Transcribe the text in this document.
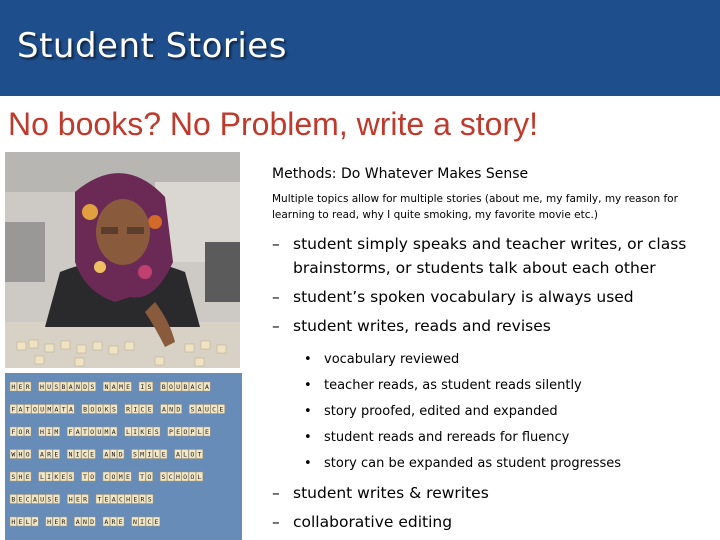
Student Stories
No books? No Problem, write a story!
H E R H U S B A N D S N A M E I S B O U B A C A
F A T O U M A T A B O O K S R I C E A N D S A U C E
F O R H I M F A T O U M A L I K E S P E O P L E
W H O A R E N I C E A N D S M I L E A L O T
S H E L I K E S T O C O M E T O S C H O O L
B E C A U S E H E R T E A C H E R S
H E L P H E R A N D A R E N I C E
Methods: Do Whatever Makes Sense
Multiple topics allow for multiple stories (about me, my family, my reason for learning to read, why I quite smoking, my favorite movie etc.)
– student simply speaks and teacher writes, or class brainstorms, or students talk about each other
– student’s spoken vocabulary is always used
– student writes, reads and revises
• vocabulary reviewed
• teacher reads, as student reads silently
• story proofed, edited and expanded
• student reads and rereads for fluency
• story can be expanded as student progresses
– student writes & rewrites
– collaborative editing
